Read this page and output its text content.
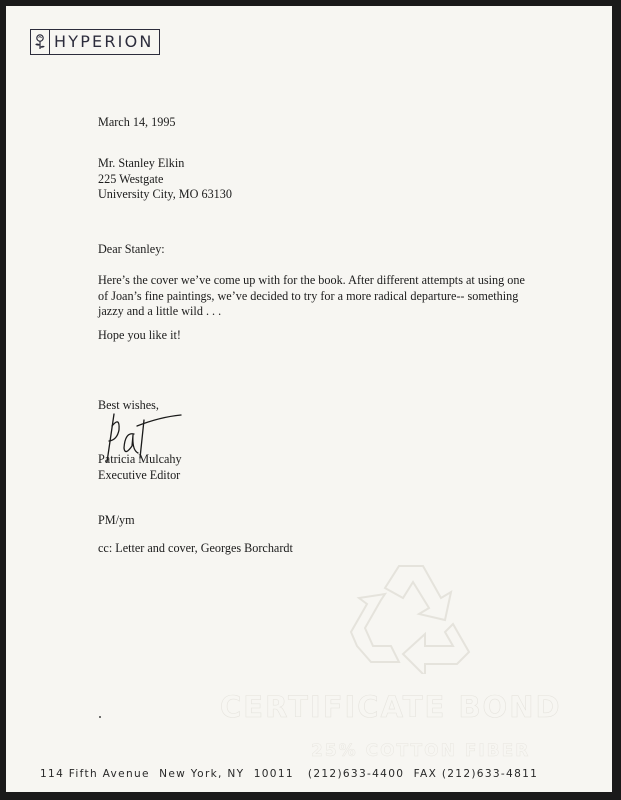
HYPERION
CERTIFICATE BOND
25% COTTON FIBER

March 14, 1995

Mr. Stanley Elkin
225 Westgate
University City, MO 63130

Dear Stanley:

Here’s the cover we’ve come up with for the book. After different attempts at using one
of Joan’s fine paintings, we’ve decided to try for a more radical departure-- something
jazzy and a little wild . . .

Hope you like it!

Best wishes,

Patricia Mulcahy
Executive Editor

PM/ym

cc: Letter and cover, Georges Borchardt

114 Fifth Avenue  New York, NY  10011   (212)633-4400  FAX (212)633-4811
